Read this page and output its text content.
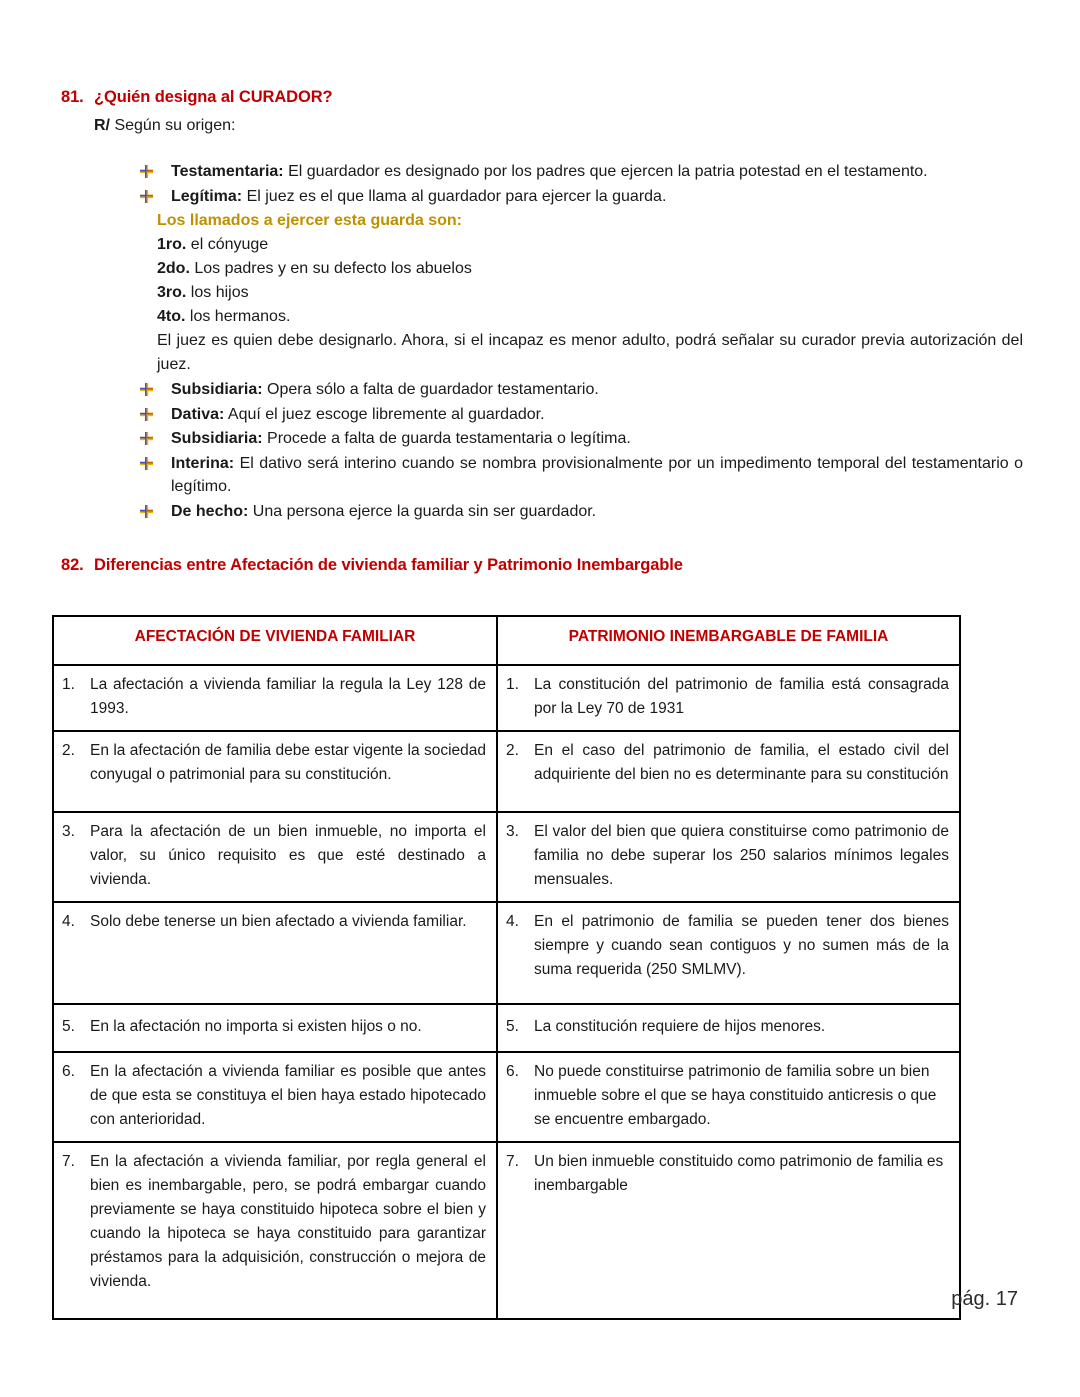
81. ¿Quién designa al CURADOR?
R/ Según su origen:
Testamentaria: El guardador es designado por los padres que ejercen la patria potestad en el testamento.
Legítima: El juez es el que llama al guardador para ejercer la guarda.
Los llamados a ejercer esta guarda son:
1ro. el cónyuge
2do. Los padres y en su defecto los abuelos
3ro. los hijos
4to. los hermanos.
El juez es quien debe designarlo. Ahora, si el incapaz es menor adulto, podrá señalar su curador previa autorización del juez.
Subsidiaria: Opera sólo a falta de guardador testamentario.
Dativa: Aquí el juez escoge libremente al guardador.
Subsidiaria: Procede a falta de guarda testamentaria o legítima.
Interina: El dativo será interino cuando se nombra provisionalmente por un impedimento temporal del testamentario o legítimo.
De hecho: Una persona ejerce la guarda sin ser guardador.
82. Diferencias entre Afectación de vivienda familiar y Patrimonio Inembargable
AFECTACIÓN DE VIVIENDA FAMILIAR	PATRIMONIO INEMBARGABLE DE FAMILIA

1. La afectación a vivienda familiar la regula la Ley 128 de 1993.	1. La constitución del patrimonio de familia está consagrada por la Ley 70 de 1931

2. En la afectación de familia debe estar vigente la sociedad conyugal o patrimonial para su constitución.	2. En el caso del patrimonio de familia, el estado civil del adquiriente del bien no es determinante para su constitución

3. Para la afectación de un bien inmueble, no importa el valor, su único requisito es que esté destinado a vivienda.	3. El valor del bien que quiera constituirse como patrimonio de familia no debe superar los 250 salarios mínimos legales mensuales.

4. Solo debe tenerse un bien afectado a vivienda familiar.	4. En el patrimonio de familia se pueden tener dos bienes siempre y cuando sean contiguos y no sumen más de la suma requerida (250 SMLMV).

5. En la afectación no importa si existen hijos o no.	5. La constitución requiere de hijos menores.

6. En la afectación a vivienda familiar es posible que antes de que esta se constituya el bien haya estado hipotecado con anterioridad.	6. No puede constituirse patrimonio de familia sobre un bien inmueble sobre el que se haya constituido anticresis o que se encuentre embargado.

7. En la afectación a vivienda familiar, por regla general el bien es inembargable, pero, se podrá embargar cuando previamente se haya constituido hipoteca sobre el bien y cuando la hipoteca se haya constituido para garantizar préstamos para la adquisición, construcción o mejora de vivienda.	7. Un bien inmueble constituido como patrimonio de familia es inembargable
pág. 17
